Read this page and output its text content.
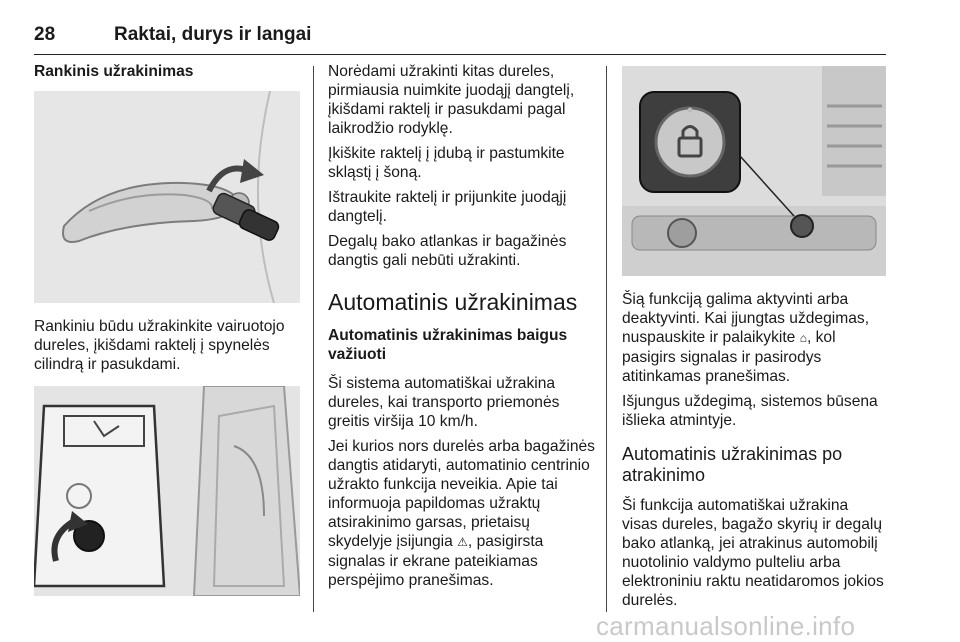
28	Raktai, durys ir langai
Rankinis užrakinimas

Rankiniu būdu užrakinkite vairuotojo dureles, įkišdami raktelį į spynelės cilindrą ir pasukdami.

Norėdami užrakinti kitas dureles, pirmiausia nuimkite juodąjį dangtelį, įkišdami raktelį ir pasukdami pagal laikrodžio rodyklę.

Įkiškite raktelį į įdubą ir pastumkite skląstį į šoną.

Ištraukite raktelį ir prijunkite juodąjį dangtelį.

Degalų bako atlankas ir bagažinės dangtis gali nebūti užrakinti.

Automatinis užrakinimas
Automatinis užrakinimas baigus važiuoti

Ši sistema automatiškai užrakina dureles, kai transporto priemonės greitis viršija 10 km/h.

Jei kurios nors durelės arba bagažinės dangtis atidaryti, automatinio centrinio užrakto funkcija neveikia. Apie tai informuoja papildomas užraktų atsirakinimo garsas, prietaisų skydelyje įsijungia ⚠, pasigirsta signalas ir ekrane pateikiamas perspėjimo pranešimas.

Šią funkciją galima aktyvinti arba deaktyvinti. Kai įjungtas uždegimas, nuspauskite ir palaikykite ⌂, kol pasigirs signalas ir pasirodys atitinkamas pranešimas.

Išjungus uždegimą, sistemos būsena išlieka atmintyje.

Automatinis užrakinimas po atrakinimo

Ši funkcija automatiškai užrakina visas dureles, bagažo skyrių ir degalų bako atlanką, jei atrakinus automobilį nuotolinio valdymo pulteliu arba elektroniniu raktu neatidaromos jokios durelės.

carmanualsonline.info
